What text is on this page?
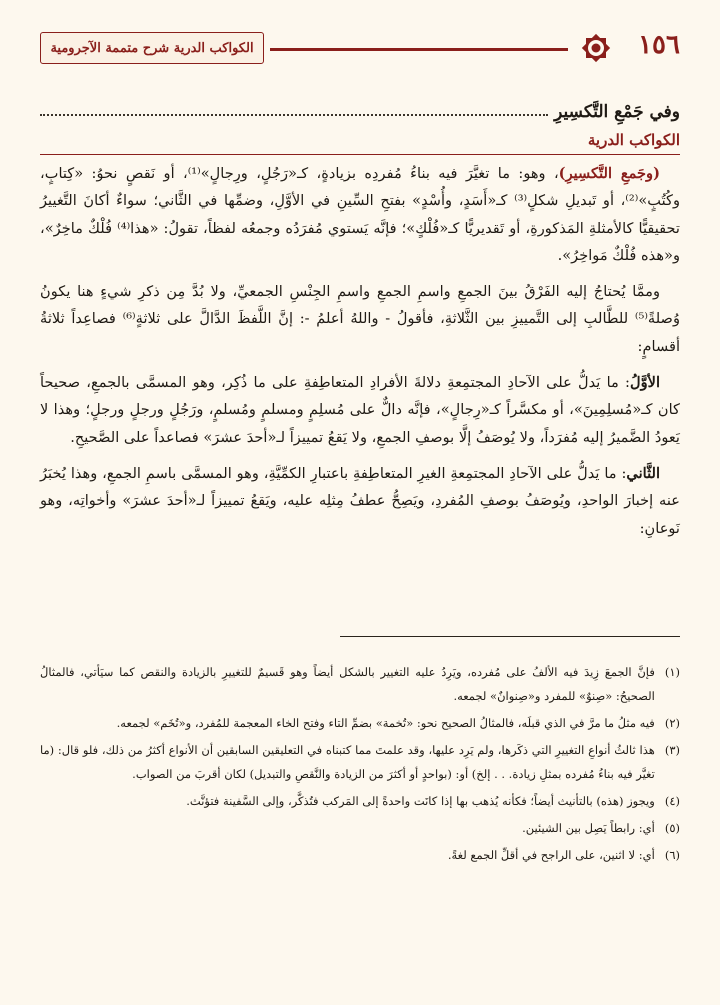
الكواكب الدرية شرح متممة الآجرومية	١٥٦
وفي جَمْعِ التَّكسِيرِ
الكواكب الدرية

(وجَمعِ التَّكسِيرِ)، وهو: ما تغيَّرَ فيه بناءُ مُفردِه بزيادةٍ، كـ«رَجُلٍ، ورِجالٍ»⁽¹⁾، أو نَقصٍ نحوُ: «كِتابٍ، وكُتُبٍ»⁽²⁾، أو تَبديلِ شكلٍ⁽³⁾ كـ«أَسَدٍ، وأُسْدٍ» بفتحِ السِّينِ في الأوَّلِ، وضمِّها في الثَّاني؛ سواءٌ أكانَ التَّغييرُ تحقيقيًّا كالأمثلةِ المَذكورةِ، أو تَقديريًّا كـ«فُلْكٍ»؛ فإنَّه يَستوي مُفرَدُه وجمعُه لفظاً، تقولُ: «هذا⁽⁴⁾ فُلْكٌ ماخِرٌ»، و«هذه فُلْكٌ مَواخِرُ».

وممَّا يُحتاجُ إليه الفَرْقُ بينَ الجمعِ واسمِ الجمعِ واسمِ الجِنْسِ الجمعيِّ، ولا بُدَّ مِن ذكرِ شيءٍ هنا يكونُ وُصلةً⁽⁵⁾ للطَّالبِ إلى التَّمييزِ بين الثَّلاثةِ، فأقولُ - واللهُ أعلمُ -: إنَّ اللَّفظَ الدَّالَّ على ثلاثةٍ⁽⁶⁾ فصاعِداً ثلاثةُ أقسامٍ:

الأوَّلُ: ما يَدلُّ على الآحادِ المجتمِعةِ دلالةَ الأفرادِ المتعاطِفةِ على ما ذُكِر، وهو المسمَّى بالجمعِ، صحيحاً كان كـ«مُسلِمِينَ»، أو مكسَّراً كـ«رِجالٍ»، فإنَّه دالٌّ على مُسلِمٍ ومسلمٍ ومُسلمٍ، ورَجُلٍ ورجلٍ ورجلٍ؛ وهذا لا يَعودُ الضَّميرُ إليه مُفرَداً، ولا يُوصَفُ إلَّا بوصفِ الجمعِ، ولا يَقعُ تمييزاً لـ«أحدَ عشرَ» فصاعداً على الصَّحيحِ.

الثَّاني: ما يَدلُّ على الآحادِ المجتمِعةِ الغيرِ المتعاطِفةِ باعتبارِ الكمِّيَّةِ، وهو المسمَّى باسمِ الجمعِ، وهذا يُخبَرُ عنه إخبارَ الواحدِ، ويُوصَفُ بوصفِ المُفردِ، ويَصِحُّ عطفُ مِثلِه عليه، ويَقعُ تمييزاً لـ«أحدَ عشرَ» وأخواتِه، وهو نَوعانِ:

(١)
فإنَّ الجمعَ زِيدَ فيه الألفُ على مُفرده، ويَرِدُ عليه التغيير بالشكل أيضاً وهو قَسيمٌ للتغييرِ بالزيادة والنقص كما سيَأتي، فالمثالُ الصحيحُ: «صِنوٌ» للمفرد و«صِنوانٌ» لجمعه.
(٢)
فيه مثلُ ما مرَّ في الذي قبلَه، فالمثالُ الصحيح نحو: «تُخمة» بضمِّ التاء وفتح الخاء المعجمة للمُفرد، و«تُخَم» لجمعه.
(٣)
هذا ثالثُ أنواعِ التغييرِ التي ذكَرها، ولم يَرِد عليها، وقد علمتَ مما كتبناه في التعليقين السابقين أن الأنواع أكثرُ من ذلك، فلو قال: (ما تغيَّر فيه بناءُ مُفرده بمثلِ زيادة. . . إلخ) أو: (بواحدٍ أو أكثرَ من الزيادة والنَّقصِ والتبديل) لكان أقربَ من الصواب.
(٤)
ويجوز (هذه) بالتأنيث أيضاً؛ فكأنه يُذهب بها إذا كانَت واحدةً إلى المَركب فتُذكَّر، وإلى السَّفينة فتؤنَّث.
(٥)
أي: رابطاً يَصِل بين الشيئين.
(٦)
أي: لا اثنين، على الراجح في أقلِّ الجمع لغةً.
